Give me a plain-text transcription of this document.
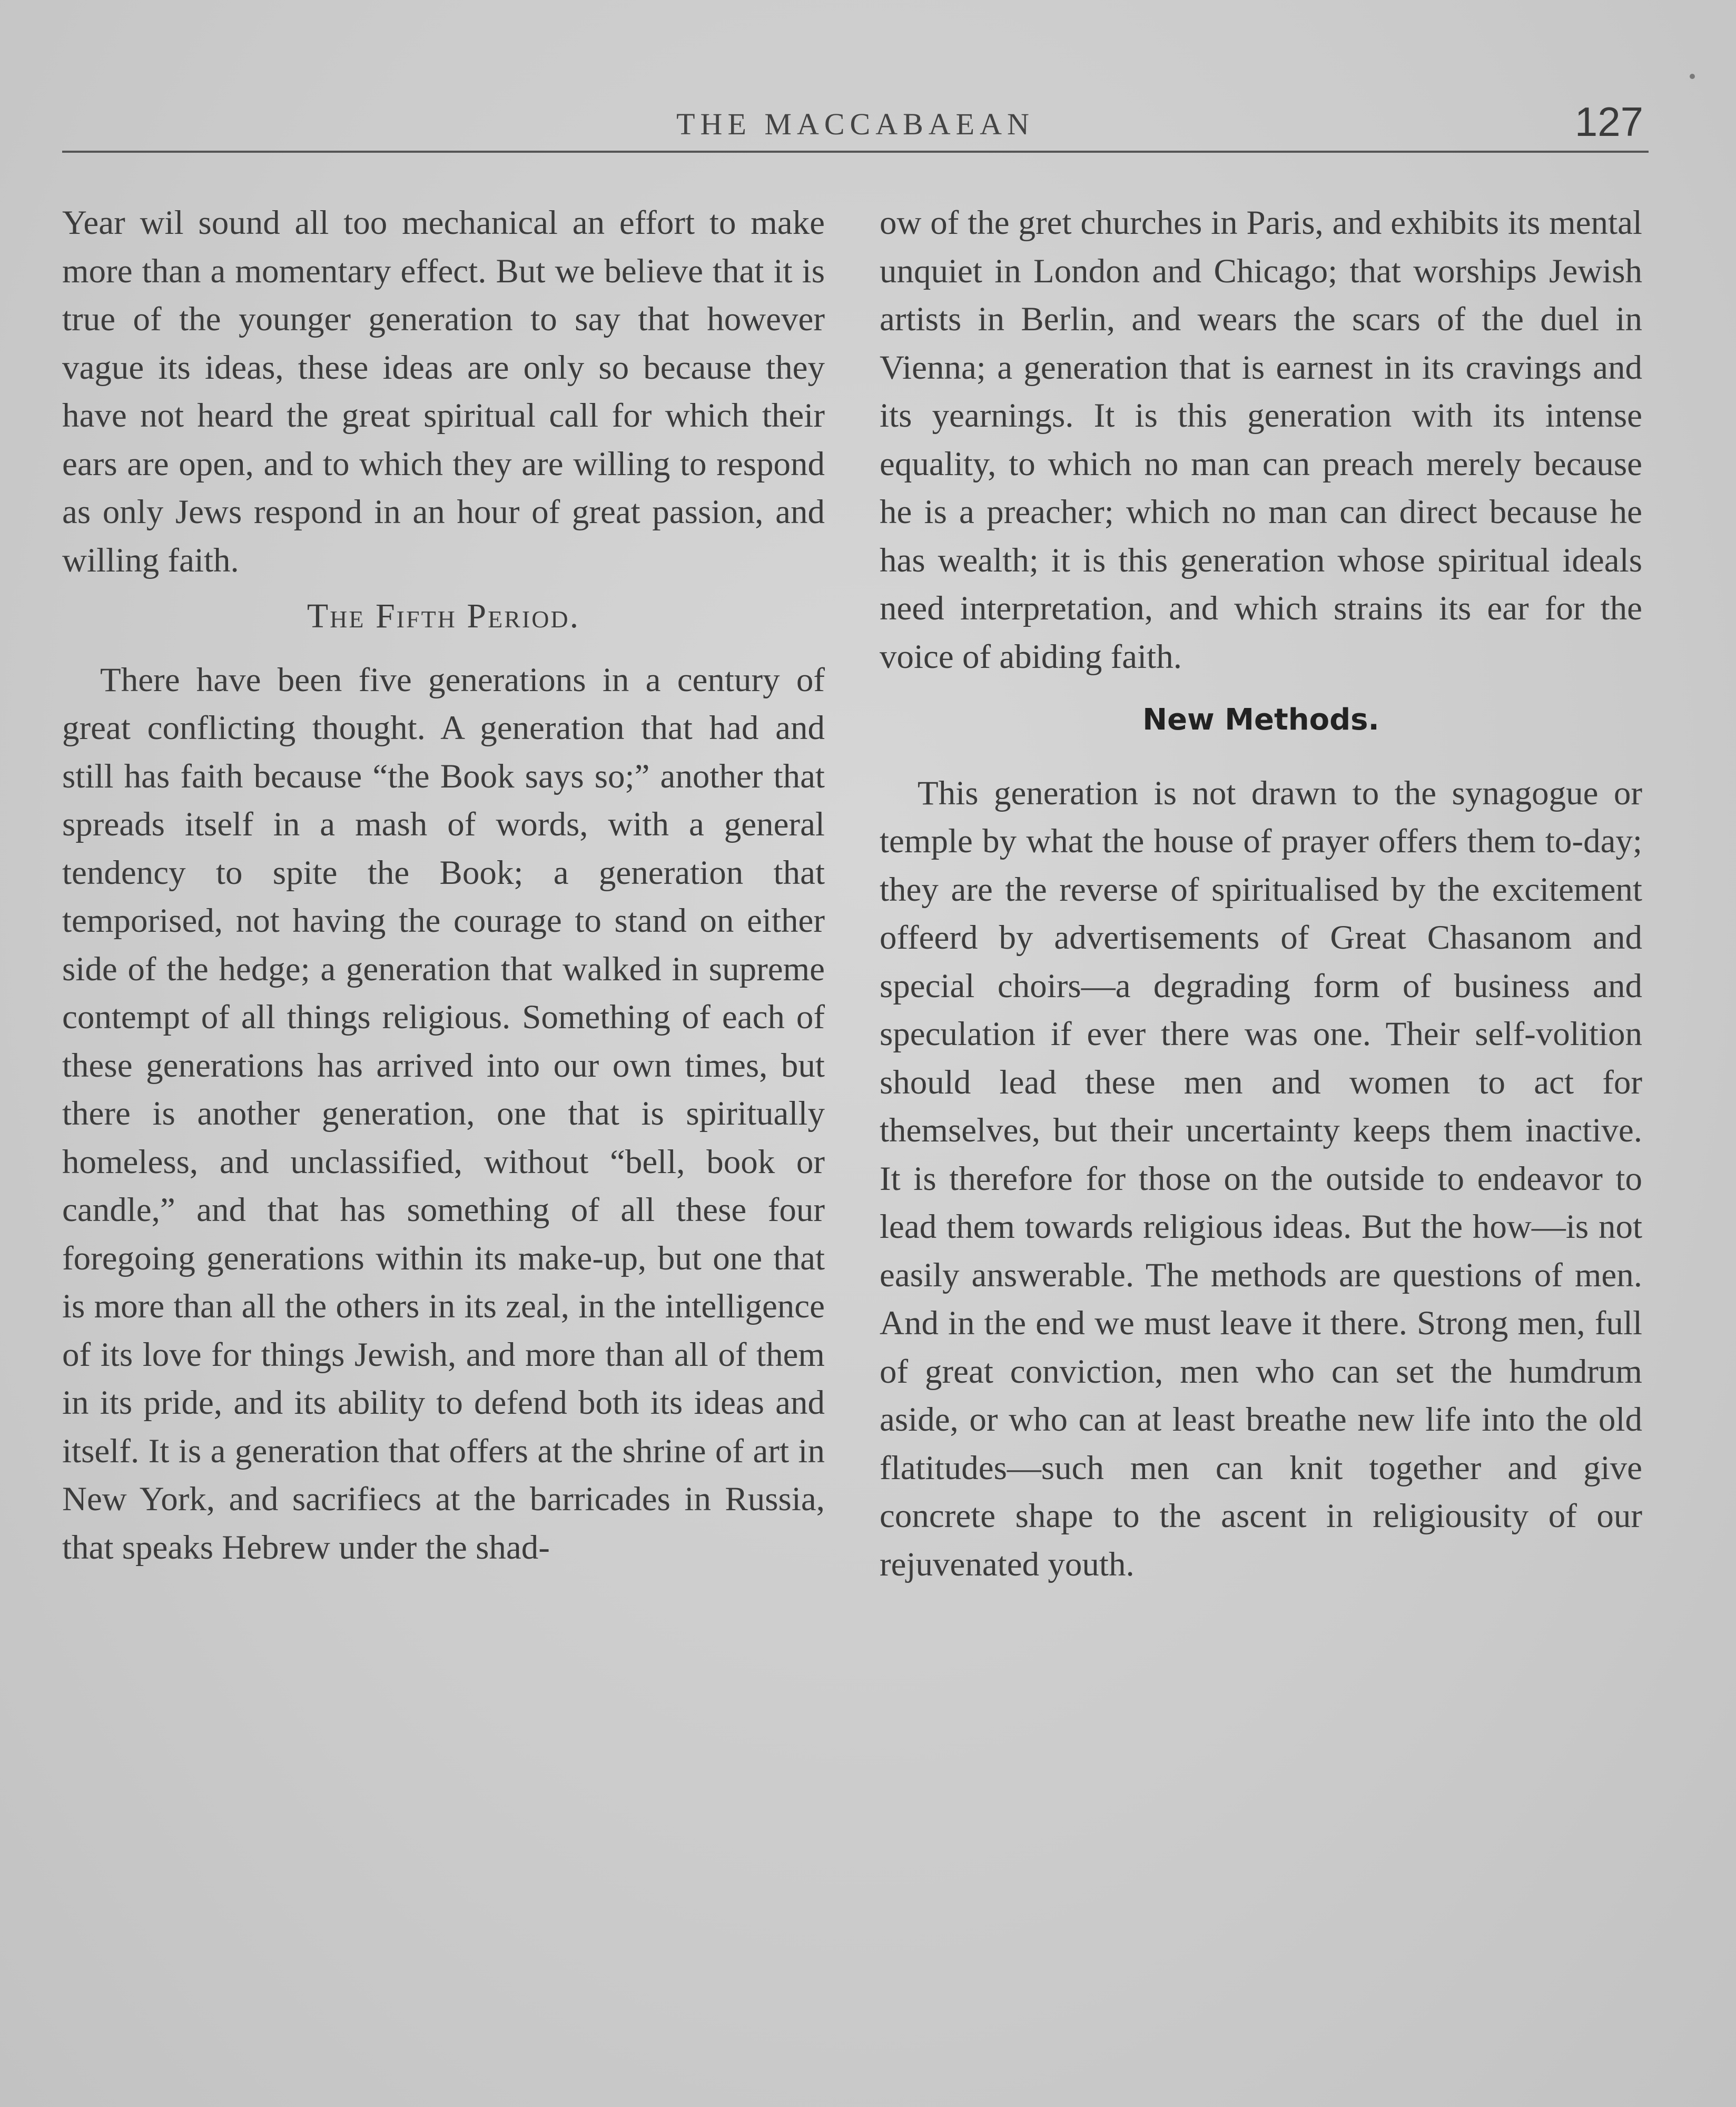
THE MACCABAEAN	127

Year wil sound all too mechanical an effort to make more than a momentary effect. But we believe that it is true of the younger generation to say that however vague its ideas, these ideas are only so because they have not heard the great spiritual call for which their ears are open, and to which they are willing to respond as only Jews respond in an hour of great passion, and willing faith.

The Fifth Period.

There have been five generations in a century of great conflicting thought. A generation that had and still has faith because “the Book says so;” another that spreads itself in a mash of words, with a general tendency to spite the Book; a generation that temporised, not having the courage to stand on either side of the hedge; a generation that walked in supreme contempt of all things religious. Something of each of these generations has arrived into our own times, but there is another generation, one that is spiritually homeless, and unclassified, without “bell, book or candle,” and that has something of all these four foregoing generations within its make-up, but one that is more than all the others in its zeal, in the intelligence of its love for things Jewish, and more than all of them in its pride, and its ability to defend both its ideas and itself. It is a generation that offers at the shrine of art in New York, and sacrifiecs at the barricades in Russia, that speaks Hebrew under the shad-

ow of the gret churches in Paris, and exhibits its mental unquiet in London and Chicago; that worships Jewish artists in Berlin, and wears the scars of the duel in Vienna; a generation that is earnest in its cravings and its yearnings. It is this generation with its intense equality, to which no man can preach merely because he is a preacher; which no man can direct because he has wealth; it is this generation whose spiritual ideals need interpretation, and which strains its ear for the voice of abiding faith.

New Methods.

This generation is not drawn to the synagogue or temple by what the house of prayer offers them to-day; they are the reverse of spiritualised by the excitement offeerd by advertisements of Great Chasanom and special choirs—a degrading form of business and speculation if ever there was one. Their self-volition should lead these men and women to act for themselves, but their uncertainty keeps them inactive. It is therefore for those on the outside to endeavor to lead them towards religious ideas. But the how—is not easily answerable. The methods are questions of men. And in the end we must leave it there. Strong men, full of great conviction, men who can set the humdrum aside, or who can at least breathe new life into the old flatitudes—such men can knit together and give concrete shape to the ascent in religiousity of our rejuvenated youth.
